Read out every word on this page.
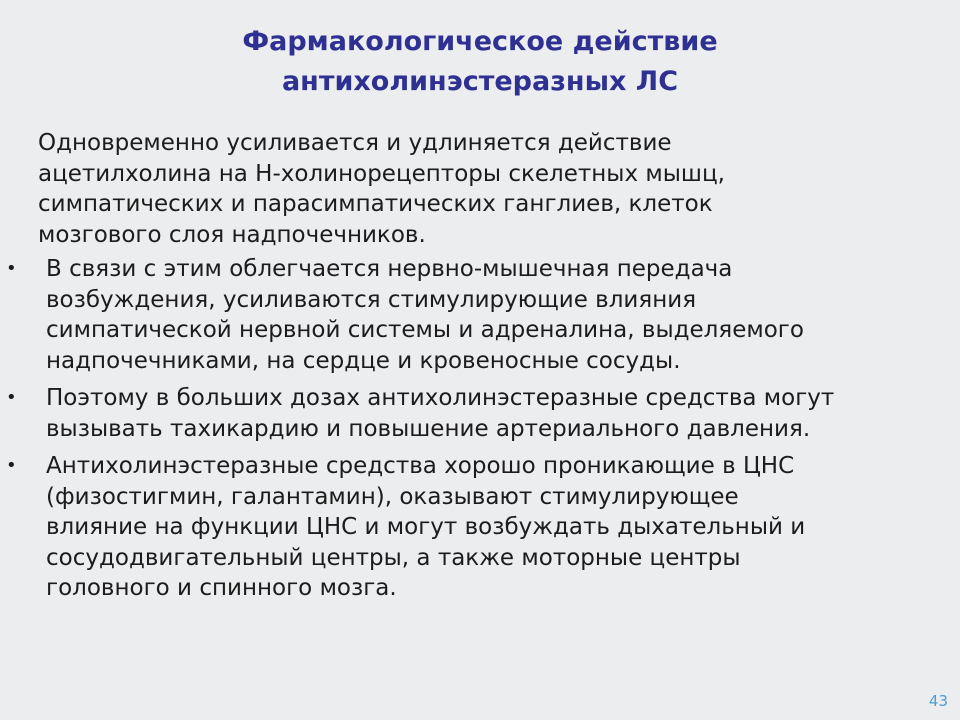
Фармакологическое действие
антихолинэстеразных ЛС
Одновременно усиливается и удлиняется действие
ацетилхолина на Н-холинорецепторы скелетных мышц,
симпатических и парасимпатических ганглиев, клеток
мозгового слоя надпочечников.
• В связи с этим облегчается нервно-мышечная передача
возбуждения, усиливаются стимулирующие влияния
симпатической нервной системы и адреналина, выделяемого
надпочечниками, на сердце и кровеносные сосуды.
• Поэтому в больших дозах антихолинэстеразные средства могут
вызывать тахикардию и повышение артериального давления.
• Антихолинэстеразные средства хорошо проникающие в ЦНС
(физостигмин, галантамин), оказывают стимулирующее
влияние на функции ЦНС и могут возбуждать дыхательный и
сосудодвигательный центры, а также моторные центры
головного и спинного мозга.
43
